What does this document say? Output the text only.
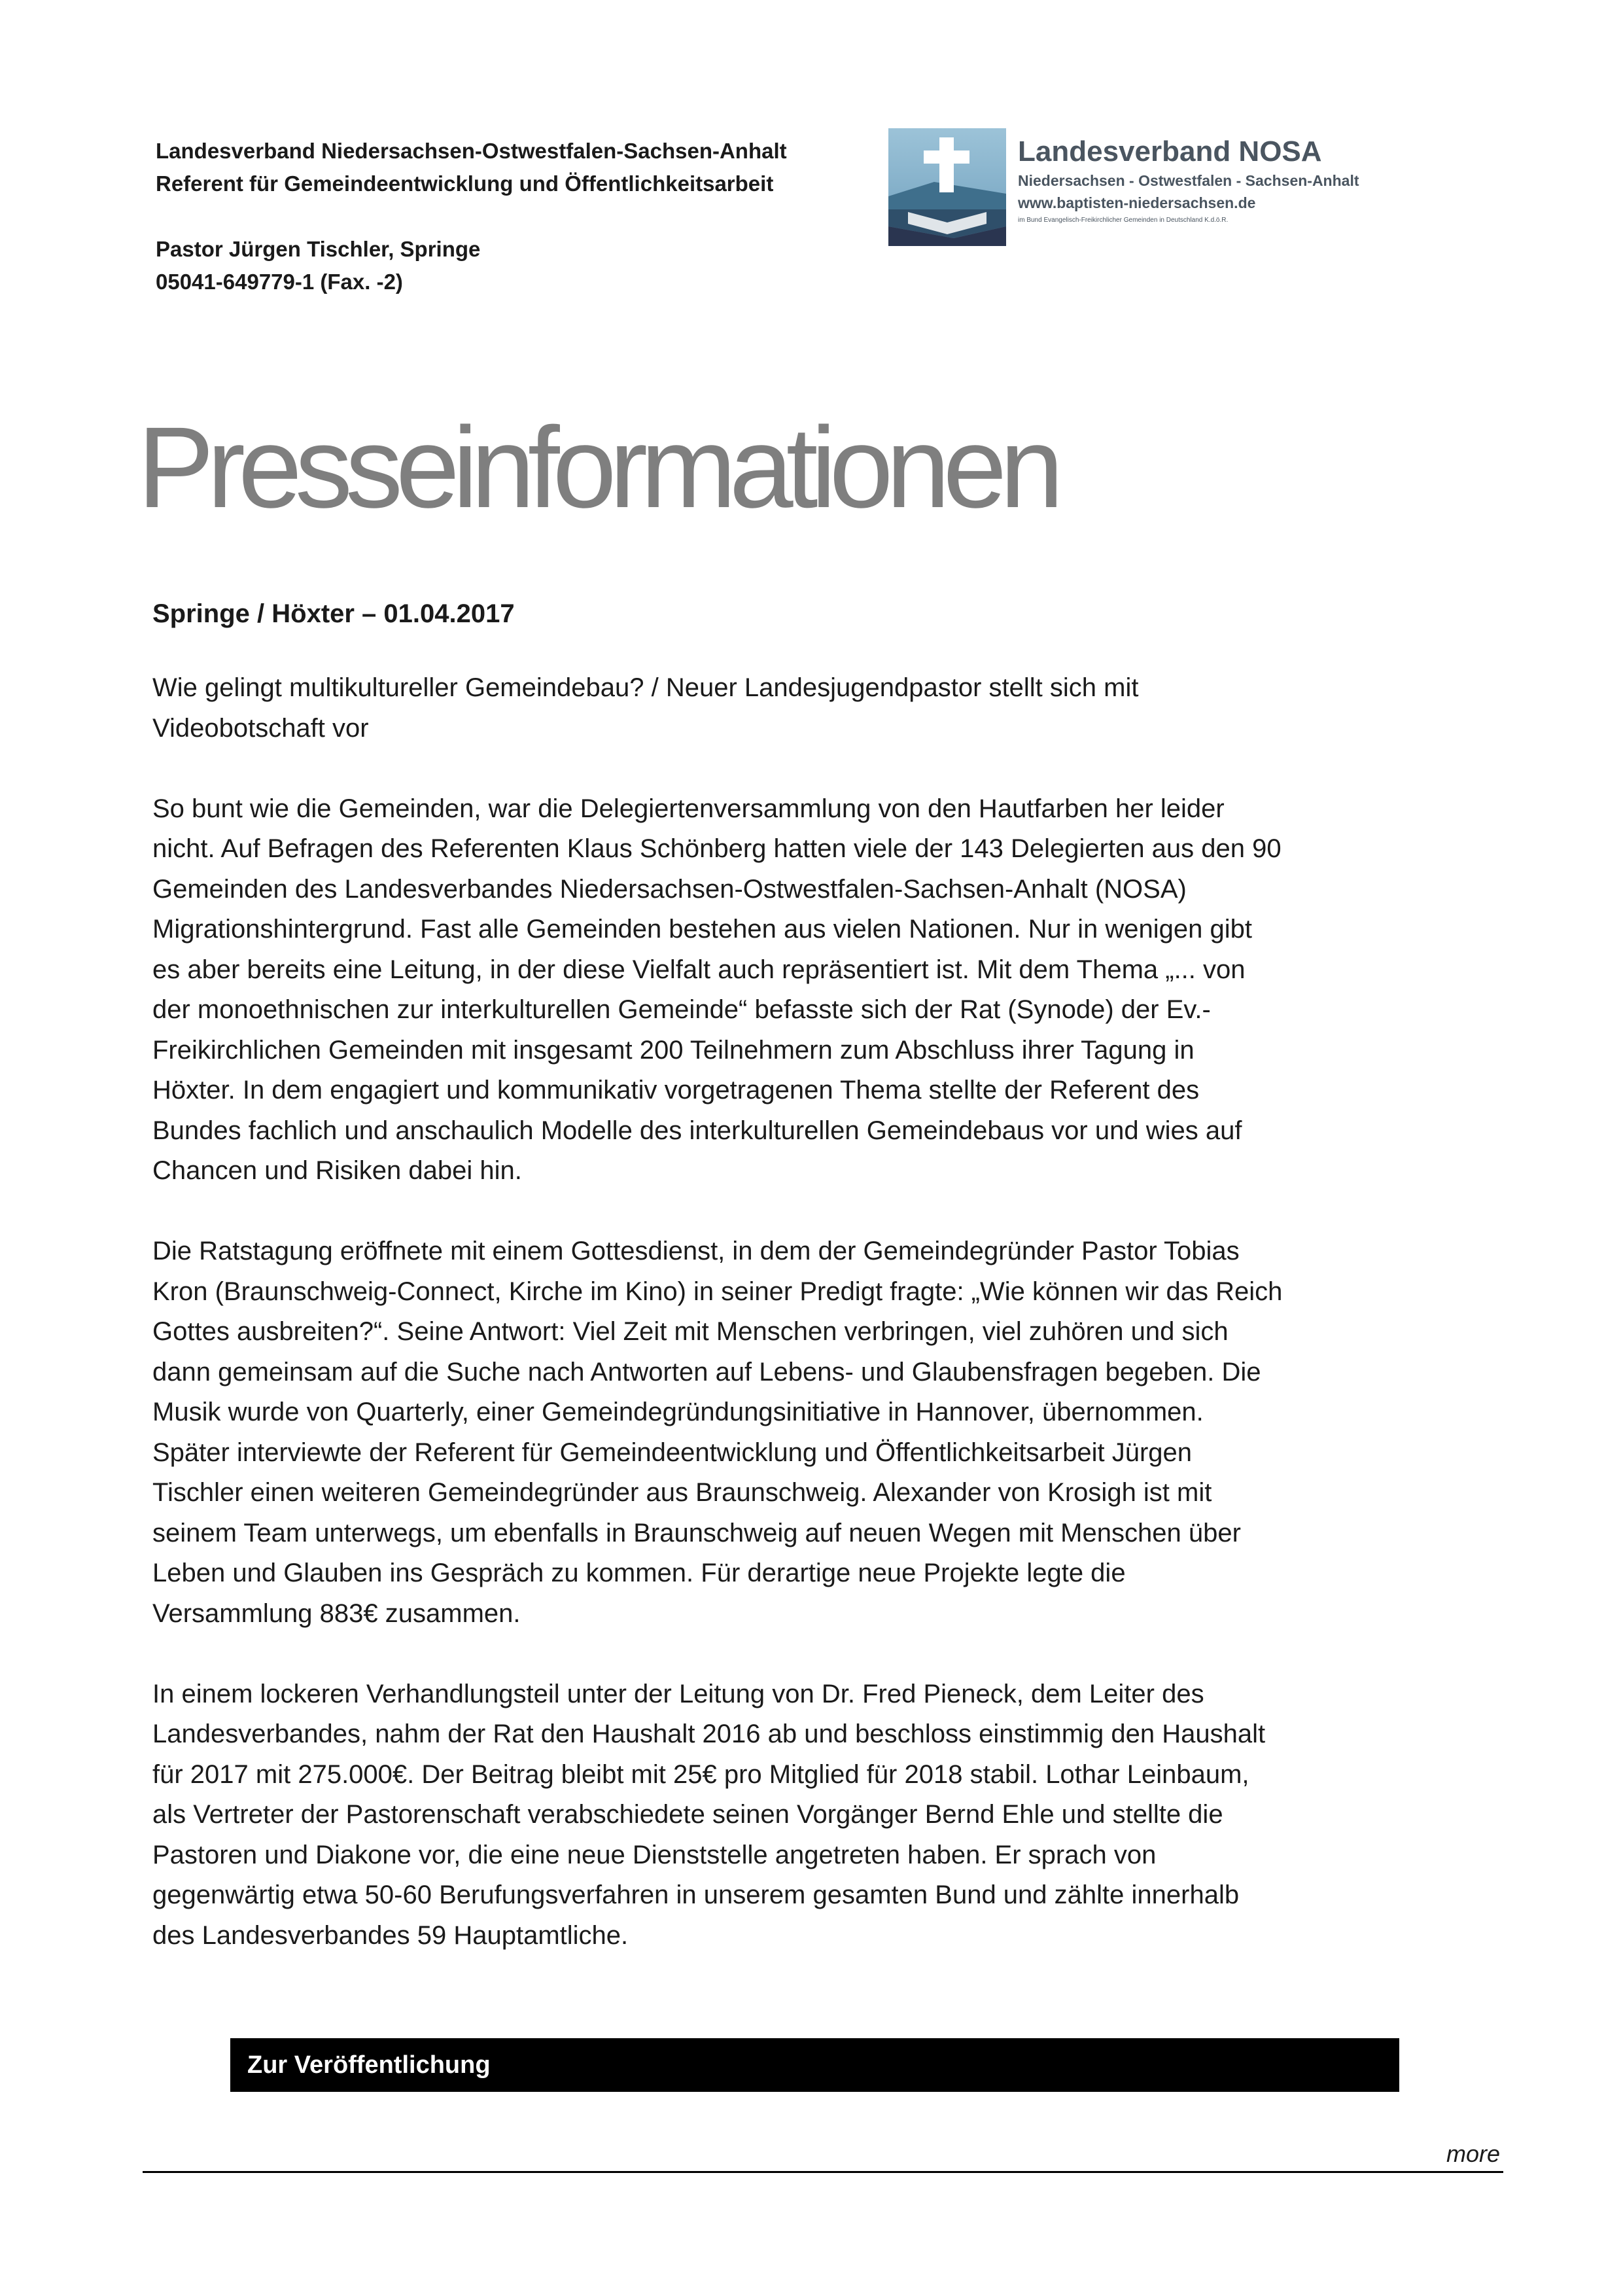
Landesverband Niedersachsen-Ostwestfalen-Sachsen-Anhalt
Referent für Gemeindeentwicklung und Öffentlichkeitsarbeit
Pastor Jürgen Tischler, Springe
05041-649779-1 (Fax. -2)
Landesverband NOSA
Niedersachsen - Ostwestfalen - Sachsen-Anhalt
www.baptisten-niedersachsen.de
im Bund Evangelisch-Freikirchlicher Gemeinden in Deutschland K.d.ö.R.
Presseinformationen
Springe / Höxter – 01.04.2017

Wie gelingt multikultureller Gemeindebau? / Neuer Landesjugendpastor stellt sich mit
Videobotschaft vor

So bunt wie die Gemeinden, war die Delegiertenversammlung von den Hautfarben her leider
nicht. Auf Befragen des Referenten Klaus Schönberg hatten viele der 143 Delegierten aus den 90
Gemeinden des Landesverbandes Niedersachsen-Ostwestfalen-Sachsen-Anhalt (NOSA)
Migrationshintergrund. Fast alle Gemeinden bestehen aus vielen Nationen. Nur in wenigen gibt
es aber bereits eine Leitung, in der diese Vielfalt auch repräsentiert ist. Mit dem Thema „... von
der monoethnischen zur interkulturellen Gemeinde“ befasste sich der Rat (Synode) der Ev.-
Freikirchlichen Gemeinden mit insgesamt 200 Teilnehmern zum Abschluss ihrer Tagung in
Höxter. In dem engagiert und kommunikativ vorgetragenen Thema stellte der Referent des
Bundes fachlich und anschaulich Modelle des interkulturellen Gemeindebaus vor und wies auf
Chancen und Risiken dabei hin.

Die Ratstagung eröffnete mit einem Gottesdienst, in dem der Gemeindegründer Pastor Tobias
Kron (Braunschweig-Connect, Kirche im Kino) in seiner Predigt fragte: „Wie können wir das Reich
Gottes ausbreiten?“. Seine Antwort: Viel Zeit mit Menschen verbringen, viel zuhören und sich
dann gemeinsam auf die Suche nach Antworten auf Lebens- und Glaubensfragen begeben. Die
Musik wurde von Quarterly, einer Gemeindegründungsinitiative in Hannover, übernommen.
Später interviewte der Referent für Gemeindeentwicklung und Öffentlichkeitsarbeit Jürgen
Tischler einen weiteren Gemeindegründer aus Braunschweig. Alexander von Krosigh ist mit
seinem Team unterwegs, um ebenfalls in Braunschweig auf neuen Wegen mit Menschen über
Leben und Glauben ins Gespräch zu kommen. Für derartige neue Projekte legte die
Versammlung 883€ zusammen.

In einem lockeren Verhandlungsteil unter der Leitung von Dr. Fred Pieneck, dem Leiter des
Landesverbandes, nahm der Rat den Haushalt 2016 ab und beschloss einstimmig den Haushalt
für 2017 mit 275.000€. Der Beitrag bleibt mit 25€ pro Mitglied für 2018 stabil. Lothar Leinbaum,
als Vertreter der Pastorenschaft verabschiedete seinen Vorgänger Bernd Ehle und stellte die
Pastoren und Diakone vor, die eine neue Dienststelle angetreten haben. Er sprach von
gegenwärtig etwa 50-60 Berufungsverfahren in unserem gesamten Bund und zählte innerhalb
des Landesverbandes 59 Hauptamtliche.

Zur Veröffentlichung
more
